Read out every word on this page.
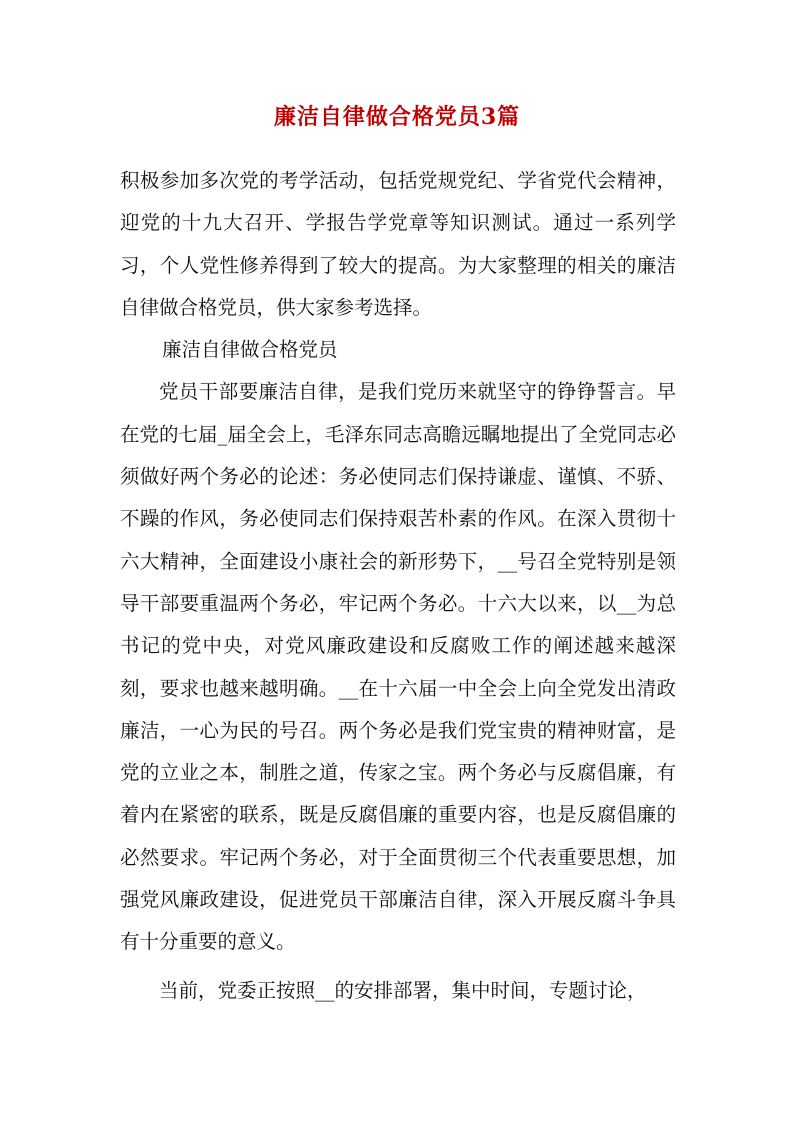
廉洁自律做合格党员3篇

积极参加多次党的考学活动，包括党规党纪、学省党代会精神，迎党的十九大召开、学报告学党章等知识测试。通过一系列学习，个人党性修养得到了较大的提高。为大家整理的相关的廉洁自律做合格党员，供大家参考选择。

廉洁自律做合格党员

党员干部要廉洁自律，是我们党历来就坚守的铮铮誓言。早在党的七届_届全会上，毛泽东同志高瞻远瞩地提出了全党同志必须做好两个务必的论述：务必使同志们保持谦虚、谨慎、不骄、不躁的作风，务必使同志们保持艰苦朴素的作风。在深入贯彻十六大精神，全面建设小康社会的新形势下，__号召全党特别是领导干部要重温两个务必，牢记两个务必。十六大以来，以__为总书记的党中央，对党风廉政建设和反腐败工作的阐述越来越深刻，要求也越来越明确。__在十六届一中全会上向全党发出清政廉洁，一心为民的号召。两个务必是我们党宝贵的精神财富，是党的立业之本，制胜之道，传家之宝。两个务必与反腐倡廉，有着内在紧密的联系，既是反腐倡廉的重要内容，也是反腐倡廉的必然要求。牢记两个务必，对于全面贯彻三个代表重要思想，加强党风廉政建设，促进党员干部廉洁自律，深入开展反腐斗争具有十分重要的意义。

当前，党委正按照__的安排部署，集中时间，专题讨论，
